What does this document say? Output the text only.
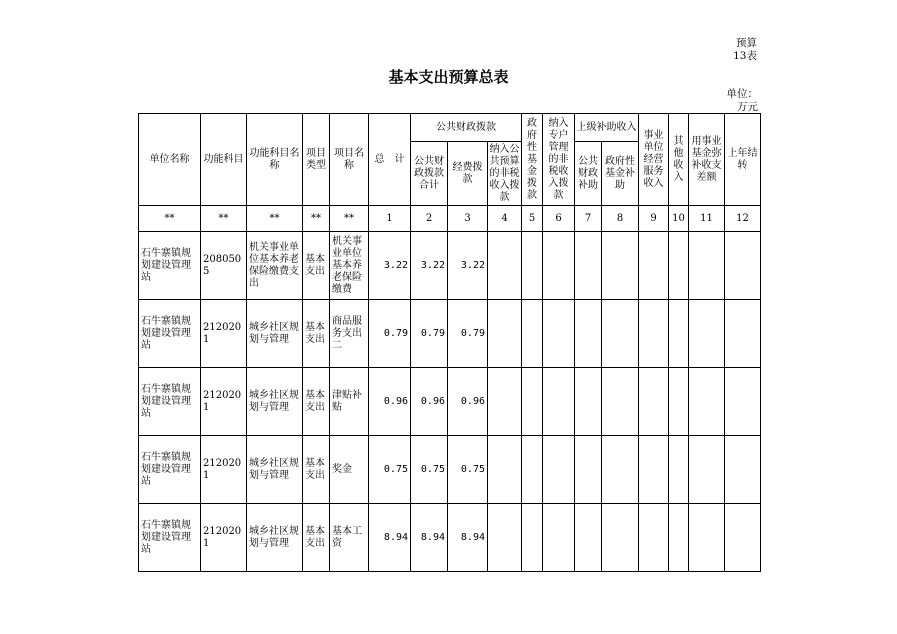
预算13表
基本支出预算总表
单位：万元
单位名称	功能科目	功能科目名称	项目类型	项目名称	总　计	公共财政拨款			政府性基金拨款	纳入专户管理的非税收入拨款	上级补助收入		事业单位经营服务收入	其他收入	用事业基金弥补收支差额	上年结转
						公共财政拨款合计	经费拨款	纳入公共预算的非税收入拨款			公共财政补助	政府性基金补助				
**	**	**	**	**	1	2	3	4	5	6	7	8	9	10	11	12
石牛寨镇规划建设管理站	2080505	机关事业单位基本养老保险缴费支出	基本支出	机关事业单位基本养老保险缴费	3.22	3.22	3.22									
石牛寨镇规划建设管理站	2120201	城乡社区规划与管理	基本支出	商品服务支出二	0.79	0.79	0.79									
石牛寨镇规划建设管理站	2120201	城乡社区规划与管理	基本支出	津贴补贴	0.96	0.96	0.96									
石牛寨镇规划建设管理站	2120201	城乡社区规划与管理	基本支出	奖金	0.75	0.75	0.75									
石牛寨镇规划建设管理站	2120201	城乡社区规划与管理	基本支出	基本工资	8.94	8.94	8.94									
